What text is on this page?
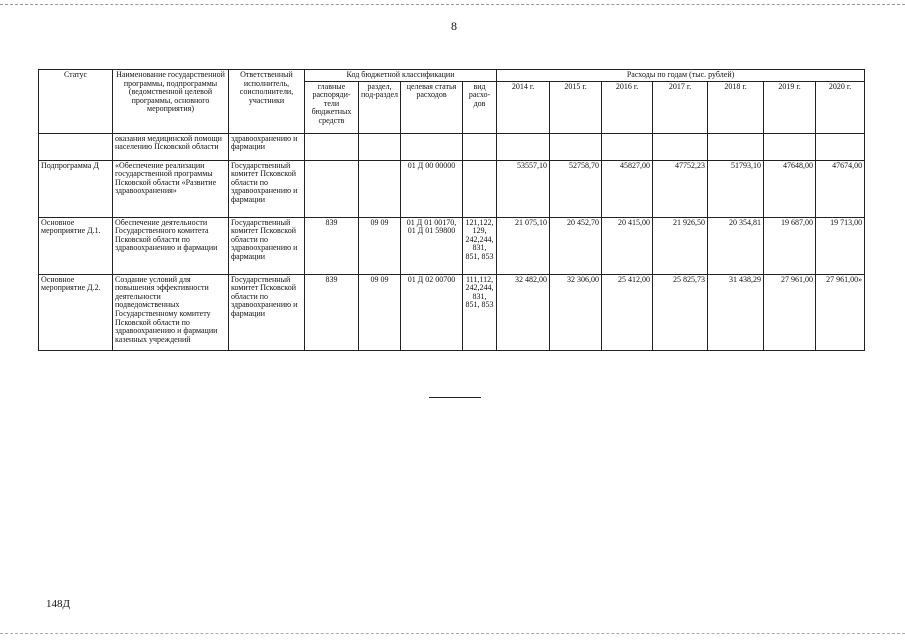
8
Статус	Наименование государственной программы, подпрограммы (ведомственной целевой программы, основного мероприятия)	Ответственный исполнитель, соисполнители, участники	Код бюджетной классификации				Расходы по годам (тыс. рублей)						
			главные распоряди-тели бюджетных средств	раздел, под-раздел	целевая статья расходов	вид расхо-дов	2014 г.	2015 г.	2016 г.	2017 г.	2018 г.	2019 г.	2020 г.
	оказания медицинской помощи населению Псковской области	здравоохранению и фармации											
Подпрограмма Д	«Обеспечение реализации государственной программы Псковской области «Развитие здравоохранения»	Государственный комитет Псковской области по здравоохранению и фармации			01 Д 00 00000		53557,10	52758,70	45827,00	47752,23	51793,10	47648,00	47674,00
Основное мероприятие Д.1.	Обеспечение деятельности Государственного комитета Псковской области по здравоохранению и фармации	Государственный комитет Псковской области по здравоохранению и фармации	839	09 09	01 Д 01 00170, 01 Д 01 59800	121,122, 129, 242,244, 831, 851, 853	21 075,10	20 452,70	20 415,00	21 926,50	20 354,81	19 687,00	19 713,00
Основное мероприятие Д.2.	Создание условий для повышения эффективности деятельности подведомственных Государственному комитету Псковской области по здравоохранению и фармации казенных учреждений	Государственный комитет Псковской области по здравоохранению и фармации	839	09 09	01 Д 02 00700	111,112, 242,244, 831, 851, 853	32 482,00	32 306,00	25 412,00	25 825,73	31 438,29	27 961,00	27 961,00»
148Д
